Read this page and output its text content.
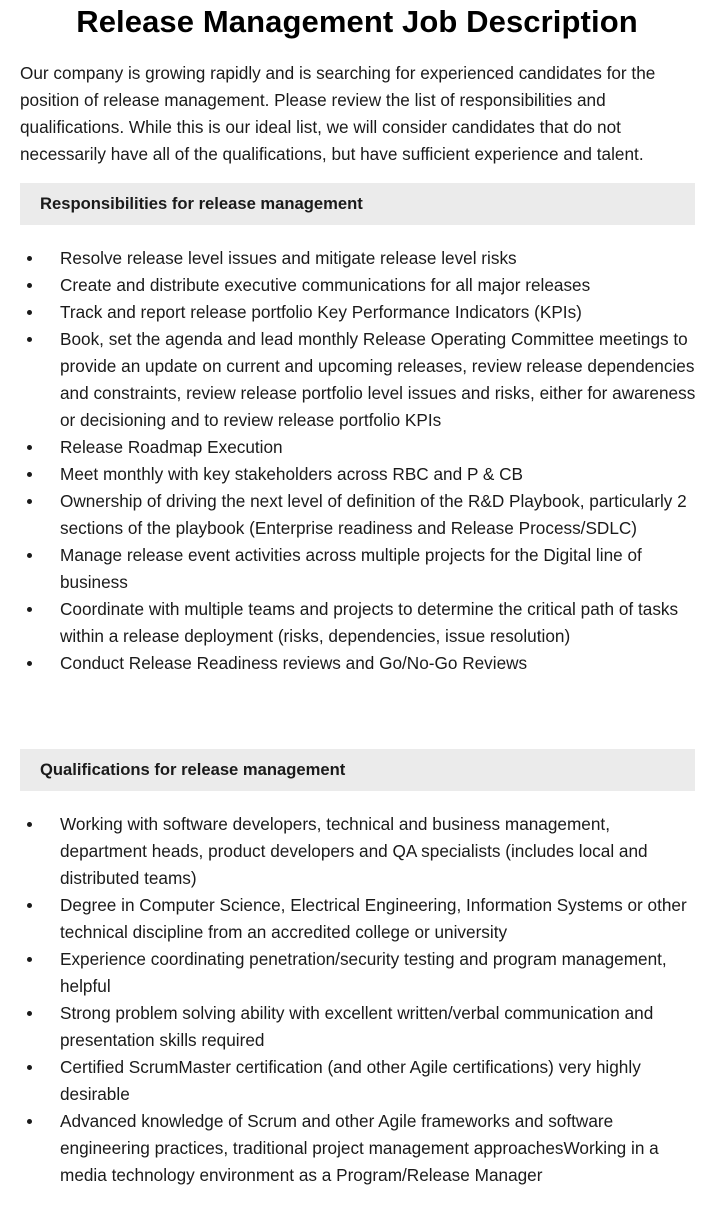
Release Management Job Description

Our company is growing rapidly and is searching for experienced candidates for the position of release management. Please review the list of responsibilities and qualifications. While this is our ideal list, we will consider candidates that do not necessarily have all of the qualifications, but have sufficient experience and talent.

Responsibilities for release management
Resolve release level issues and mitigate release level risks
Create and distribute executive communications for all major releases
Track and report release portfolio Key Performance Indicators (KPIs)
Book, set the agenda and lead monthly Release Operating Committee meetings to provide an update on current and upcoming releases, review release dependencies and constraints, review release portfolio level issues and risks, either for awareness or decisioning and to review release portfolio KPIs
Release Roadmap Execution
Meet monthly with key stakeholders across RBC and P & CB
Ownership of driving the next level of definition of the R&D Playbook, particularly 2 sections of the playbook (Enterprise readiness and Release Process/SDLC)
Manage release event activities across multiple projects for the Digital line of business
Coordinate with multiple teams and projects to determine the critical path of tasks within a release deployment (risks, dependencies, issue resolution)
Conduct Release Readiness reviews and Go/No-Go Reviews
Qualifications for release management
Working with software developers, technical and business management, department heads, product developers and QA specialists (includes local and distributed teams)
Degree in Computer Science, Electrical Engineering, Information Systems or other technical discipline from an accredited college or university
Experience coordinating penetration/security testing and program management, helpful
Strong problem solving ability with excellent written/verbal communication and presentation skills required
Certified ScrumMaster certification (and other Agile certifications) very highly desirable
Advanced knowledge of Scrum and other Agile frameworks and software engineering practices, traditional project management approachesWorking in a media technology environment as a Program/Release Manager
